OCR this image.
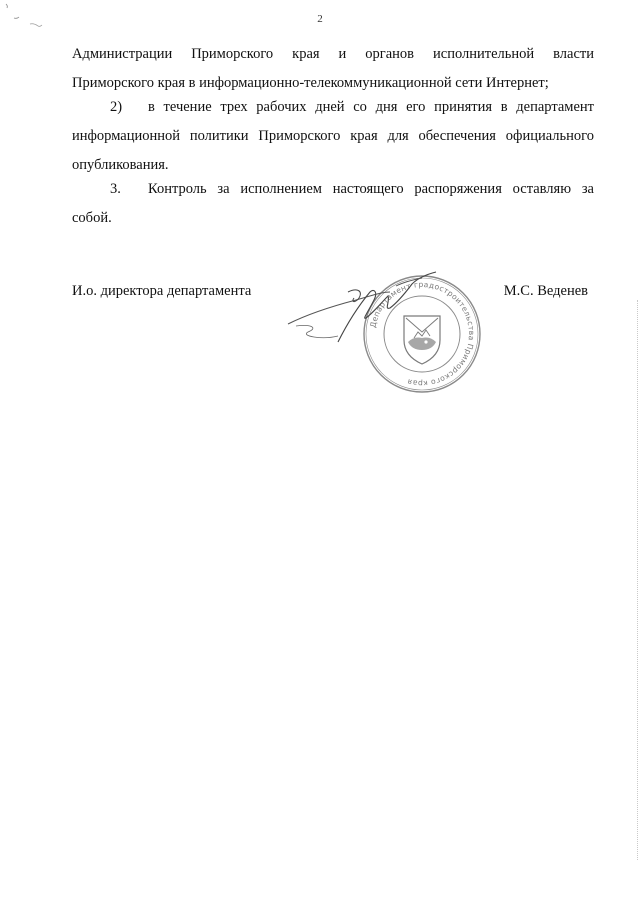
2
Администрации Приморского края и органов исполнительной власти
Приморского края в информационно-телекоммуникационной сети Интернет;
2) в течение трех рабочих дней со дня его принятия в департамент
информационной политики Приморского края для обеспечения официального
опубликования.
3. Контроль за исполнением настоящего распоряжения оставляю за
собой.
И.о. директора департамента	М.С. Веденев
Департамент градостроительства Приморского края
